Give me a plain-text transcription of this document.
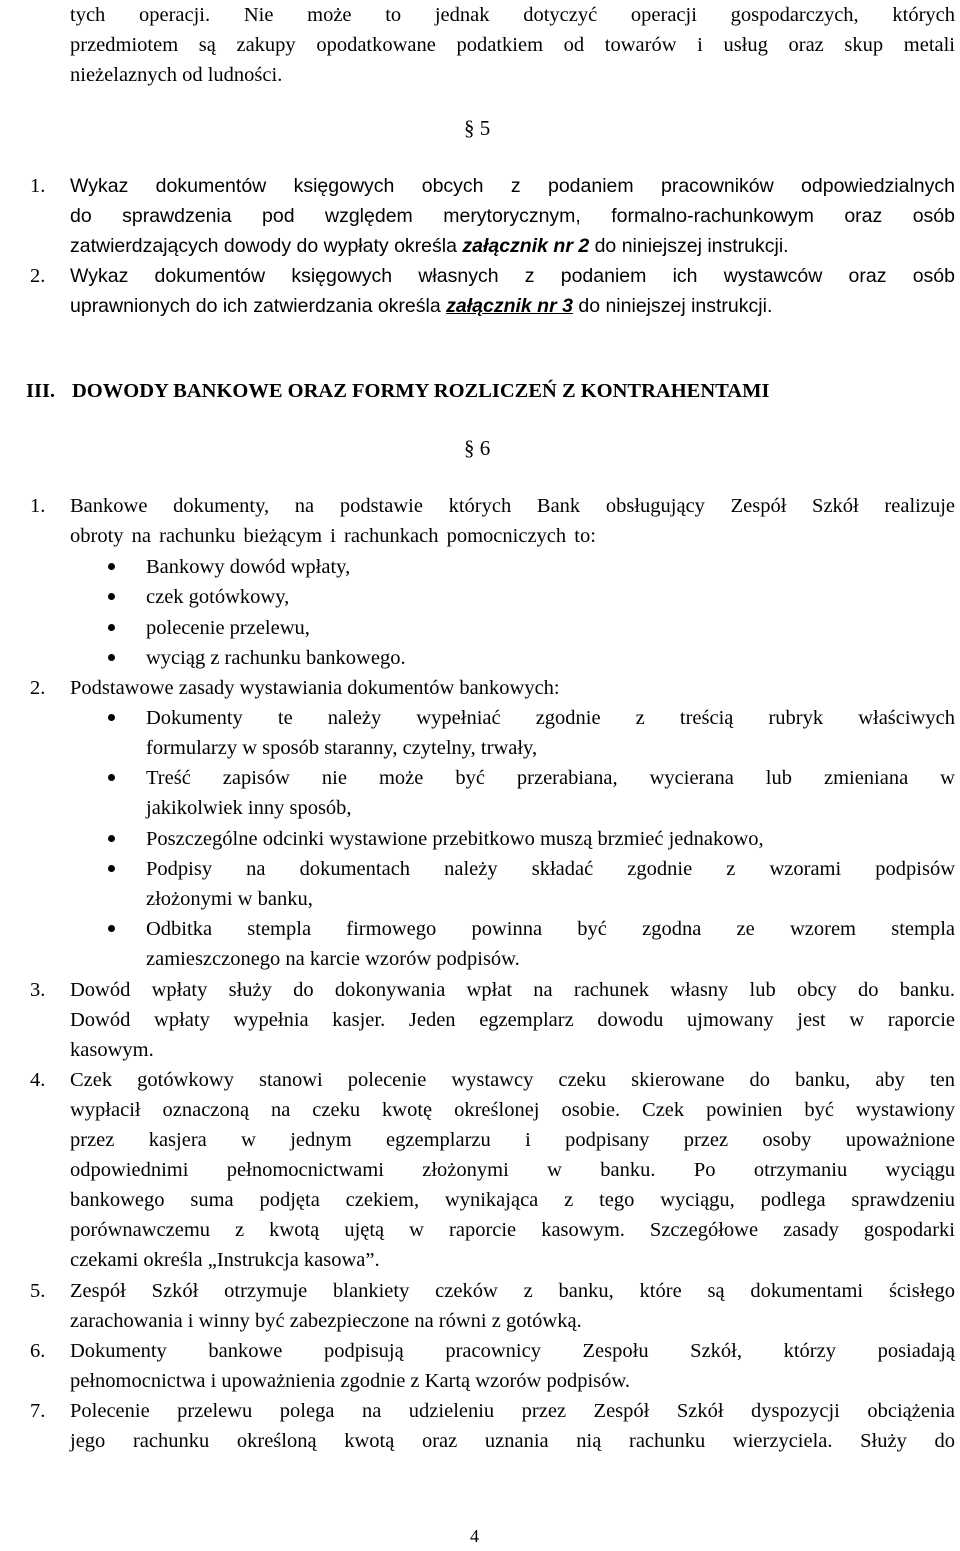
tych operacji. Nie może to jednak dotyczyć operacji gospodarczych, których
przedmiotem są zakupy opodatkowane podatkiem od towarów i usług oraz skup metali
nieżelaznych od ludności.
§ 5
1. Wykaz dokumentów księgowych obcych z podaniem pracowników odpowiedzialnych
do sprawdzenia pod względem merytorycznym, formalno-rachunkowym oraz osób
zatwierdzających dowody do wypłaty określa załącznik nr 2 do niniejszej instrukcji.
2. Wykaz dokumentów księgowych własnych z podaniem ich wystawców oraz osób
uprawnionych do ich zatwierdzania określa załącznik nr 3 do niniejszej instrukcji.
III. DOWODY BANKOWE ORAZ FORMY ROZLICZEŃ Z KONTRAHENTAMI
§ 6
1. Bankowe dokumenty, na podstawie których Bank obsługujący Zespół Szkół realizuje
obroty na rachunku bieżącym i rachunkach pomocniczych to:
Bankowy dowód wpłaty,
czek gotówkowy,
polecenie przelewu,
wyciąg z rachunku bankowego.
2. Podstawowe zasady wystawiania dokumentów bankowych:
Dokumenty te należy wypełniać zgodnie z treścią rubryk właściwych
formularzy w sposób staranny, czytelny, trwały,
Treść zapisów nie może być przerabiana, wycierana lub zmieniana w
jakikolwiek inny sposób,
Poszczególne odcinki wystawione przebitkowo muszą brzmieć jednakowo,
Podpisy na dokumentach należy składać zgodnie z wzorami podpisów
złożonymi w banku,
Odbitka stempla firmowego powinna być zgodna ze wzorem stempla
zamieszczonego na karcie wzorów podpisów.
3. Dowód wpłaty służy do dokonywania wpłat na rachunek własny lub obcy do banku.
Dowód wpłaty wypełnia kasjer. Jeden egzemplarz dowodu ujmowany jest w raporcie
kasowym.
4. Czek gotówkowy stanowi polecenie wystawcy czeku skierowane do banku, aby ten
wypłacił oznaczoną na czeku kwotę określonej osobie. Czek powinien być wystawiony
przez kasjera w jednym egzemplarzu i podpisany przez osoby upoważnione
odpowiednimi pełnomocnictwami złożonymi w banku. Po otrzymaniu wyciągu
bankowego suma podjęta czekiem, wynikająca z tego wyciągu, podlega sprawdzeniu
porównawczemu z kwotą ujętą w raporcie kasowym. Szczegółowe zasady gospodarki
czekami określa „Instrukcja kasowa”.
5. Zespół Szkół otrzymuje blankiety czeków z banku, które są dokumentami ścisłego
zarachowania i winny być zabezpieczone na równi z gotówką.
6. Dokumenty bankowe podpisują pracownicy Zespołu Szkół, którzy posiadają
pełnomocnictwa i upoważnienia zgodnie z Kartą wzorów podpisów.
7. Polecenie przelewu polega na udzieleniu przez Zespół Szkół dyspozycji obciążenia
jego rachunku określoną kwotą oraz uznania nią rachunku wierzyciela. Służy do
4
